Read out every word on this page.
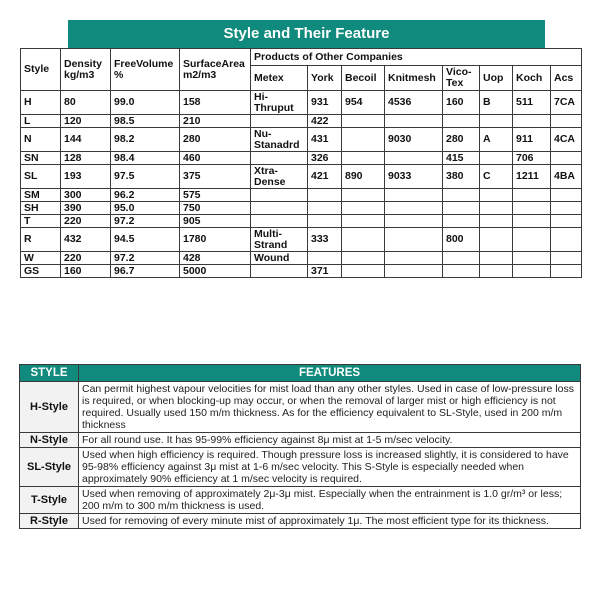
Style and Their Feature
Style	Density kg/m3	FreeVolume %	SurfaceArea m2/m3	Products of Other Companies							
				Metex	York	Becoil	Knitmesh	Vico-Tex	Uop	Koch	Acs
H	80	99.0	158	Hi-Thruput	931	954	4536	160	B	511	7CA
L	120	98.5	210		422						
N	144	98.2	280	Nu-Stanadrd	431		9030	280	A	911	4CA
SN	128	98.4	460		326			415		706	
SL	193	97.5	375	Xtra-Dense	421	890	9033	380	C	1211	4BA
SM	300	96.2	575								
SH	390	95.0	750								
T	220	97.2	905								
R	432	94.5	1780	Multi-Strand	333			800			
W	220	97.2	428	Wound							
GS	160	96.7	5000		371						
STYLE	FEATURES
H-Style	Can permit highest vapour velocities for mist load than any other styles. Used in case of low-pressure loss is required, or when blocking-up may occur, or when the removal of larger mist or high efficiency is not required. Usually used 150 m/m thickness. As for the efficiency equivalent to SL-Style, used in 200 m/m thickness
N-Style	For all round use. It has 95-99% efficiency against 8μ mist at 1-5 m/sec velocity.
SL-Style	Used when high efficiency is required. Though pressure loss is increased slightly, it is considered to have 95-98% efficiency against 3μ mist at 1-6 m/sec velocity. This S-Style is especially needed when approximately 90% efficiency at 1 m/sec velocity is required.
T-Style	Used when removing of approximately 2μ-3μ mist. Especially when the entrainment is 1.0 gr/m³ or less; 200 m/m to 300 m/m thickness is used.
R-Style	Used for removing of every minute mist of approximately 1μ. The most efficient type for its thickness.
